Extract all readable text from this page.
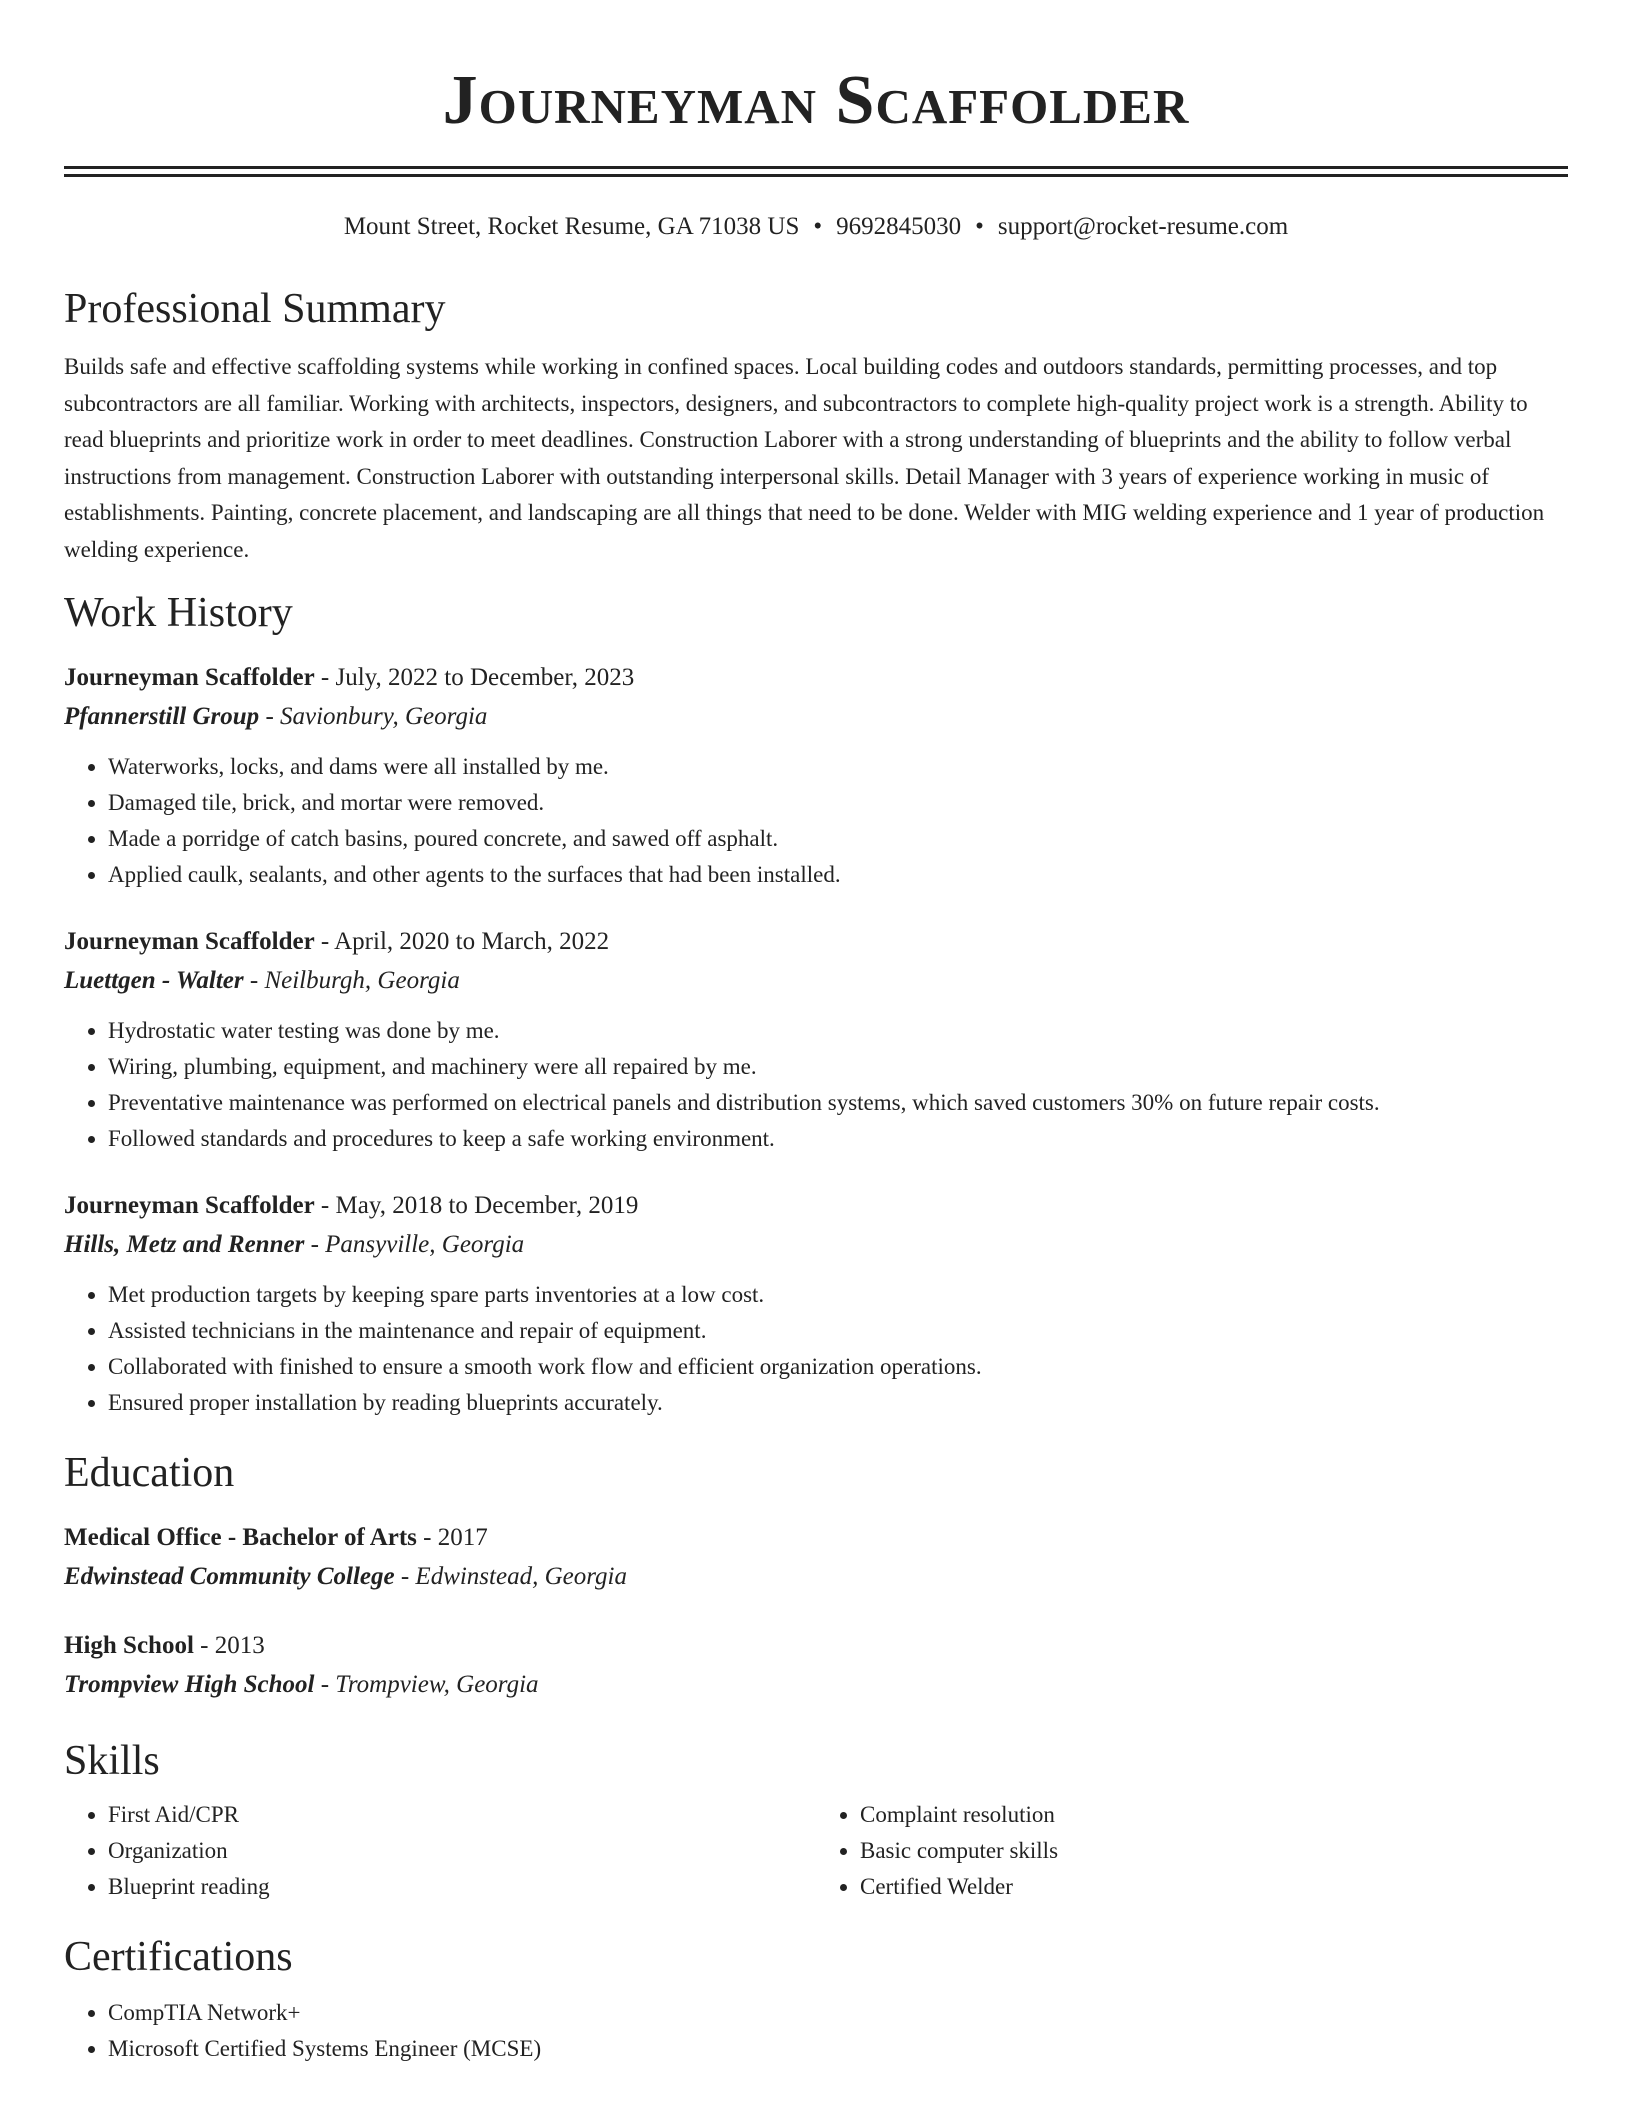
Journeyman Scaffolder
Mount Street, Rocket Resume, GA 71038 US • 9692845030 • support@rocket-resume.com
Professional Summary
Builds safe and effective scaffolding systems while working in confined spaces. Local building codes and outdoors standards, permitting processes, and top subcontractors are all familiar. Working with architects, inspectors, designers, and subcontractors to complete high-quality project work is a strength. Ability to read blueprints and prioritize work in order to meet deadlines. Construction Laborer with a strong understanding of blueprints and the ability to follow verbal instructions from management. Construction Laborer with outstanding interpersonal skills. Detail Manager with 3 years of experience working in music of establishments. Painting, concrete placement, and landscaping are all things that need to be done. Welder with MIG welding experience and 1 year of production welding experience.
Work History
Journeyman Scaffolder - July, 2022 to December, 2023
Pfannerstill Group - Savionbury, Georgia
• Waterworks, locks, and dams were all installed by me.
• Damaged tile, brick, and mortar were removed.
• Made a porridge of catch basins, poured concrete, and sawed off asphalt.
• Applied caulk, sealants, and other agents to the surfaces that had been installed.
Journeyman Scaffolder - April, 2020 to March, 2022
Luettgen - Walter - Neilburgh, Georgia
• Hydrostatic water testing was done by me.
• Wiring, plumbing, equipment, and machinery were all repaired by me.
• Preventative maintenance was performed on electrical panels and distribution systems, which saved customers 30% on future repair costs.
• Followed standards and procedures to keep a safe working environment.
Journeyman Scaffolder - May, 2018 to December, 2019
Hills, Metz and Renner - Pansyville, Georgia
• Met production targets by keeping spare parts inventories at a low cost.
• Assisted technicians in the maintenance and repair of equipment.
• Collaborated with finished to ensure a smooth work flow and efficient organization operations.
• Ensured proper installation by reading blueprints accurately.
Education
Medical Office - Bachelor of Arts - 2017
Edwinstead Community College - Edwinstead, Georgia
High School - 2013
Trompview High School - Trompview, Georgia
Skills
• First Aid/CPR
• Organization
• Blueprint reading
• Complaint resolution
• Basic computer skills
• Certified Welder
Certifications
• CompTIA Network+
• Microsoft Certified Systems Engineer (MCSE)
